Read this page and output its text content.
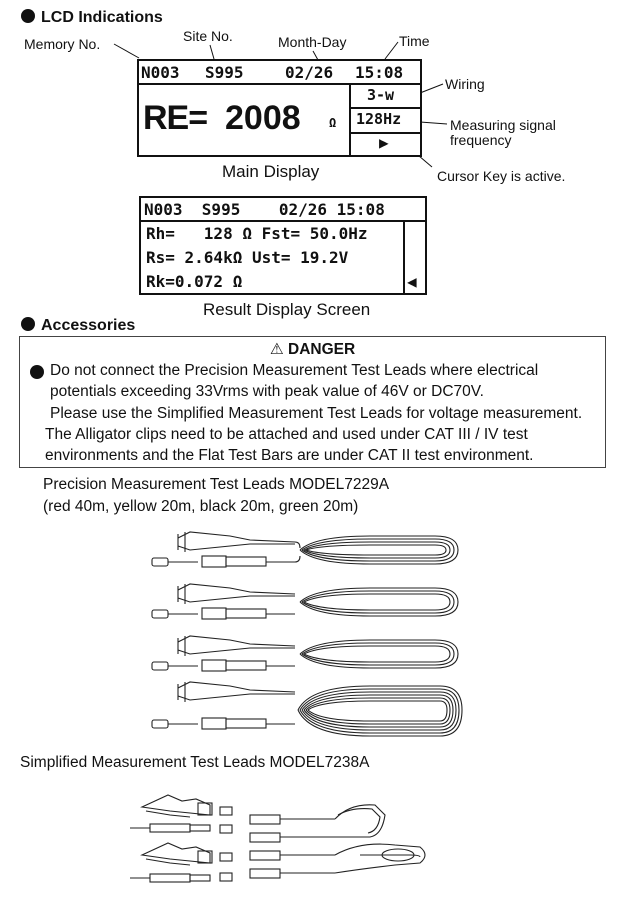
LCD Indications
Memory No.	Site No.	Month-Day	Time
Wiring
Measuring signal
frequency
Cursor Key is active.
N003 S995	02/26 15:08
RE= 2008 Ω
3-w
128Hz
▶
Main Display
N003  S995    02/26 15:08
Rh=   128 Ω Fst= 50.0Hz
Rs= 2.64kΩ Ust= 19.2V
Rk=0.072 Ω	◀
Result Display Screen
Accessories
⚠ DANGER
Do not connect the Precision Measurement Test Leads where electrical
potentials exceeding 33Vrms with peak value of 46V or DC70V.
Please use the Simplified Measurement Test Leads for voltage measurement.
The Alligator clips need to be attached and used under CAT III / IV test
environments and the Flat Test Bars are under CAT II test environment.
Precision Measurement Test Leads MODEL7229A
(red 40m, yellow 20m, black 20m, green 20m)
Simplified Measurement Test Leads MODEL7238A
